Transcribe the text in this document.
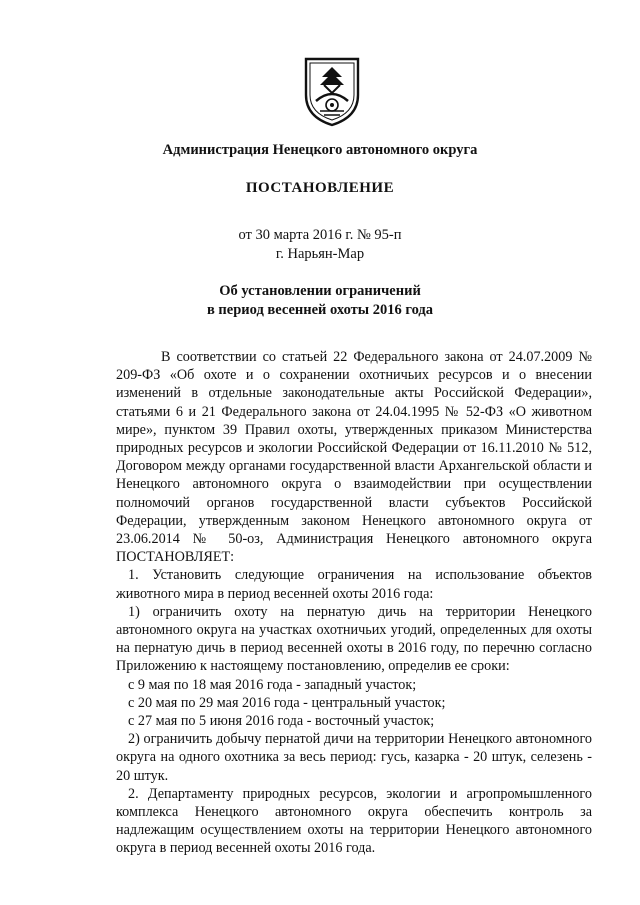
Администрация Ненецкого автономного округа
ПОСТАНОВЛЕНИЕ
от 30 марта 2016 г. № 95-п
г. Нарьян-Мар
Об установлении ограничений
в период весенней охоты 2016 года

В соответствии со статьей 22 Федерального закона от 24.07.2009 № 209-ФЗ «Об охоте и о сохранении охотничьих ресурсов и о внесении изменений в отдельные законодательные акты Российской Федерации», статьями 6 и 21 Федерального закона от 24.04.1995 № 52-ФЗ «О животном мире», пунктом 39 Правил охоты, утвержденных приказом Министерства природных ресурсов и экологии Российской Федерации от 16.11.2010 № 512, Договором между органами государственной власти Архангельской области и Ненецкого автономного округа о взаимодействии при осуществлении полномочий органов государственной власти субъектов Российской Федерации, утвержденным законом Ненецкого автономного округа от 23.06.2014 № 50-оз, Администрация Ненецкого автономного округа ПОСТАНОВЛЯЕТ:

1. Установить следующие ограничения на использование объектов животного мира в период весенней охоты 2016 года:

1) ограничить охоту на пернатую дичь на территории Ненецкого автономного округа на участках охотничьих угодий, определенных для охоты на пернатую дичь в период весенней охоты в 2016 году, по перечню согласно Приложению к настоящему постановлению, определив ее сроки:

с 9 мая по 18 мая 2016 года - западный участок;

с 20 мая по 29 мая 2016 года - центральный участок;

с 27 мая по 5 июня 2016 года - восточный участок;

2) ограничить добычу пернатой дичи на территории Ненецкого автономного округа на одного охотника за весь период: гусь, казарка - 20 штук, селезень - 20 штук.

2. Департаменту природных ресурсов, экологии и агропромышленного комплекса Ненецкого автономного округа обеспечить контроль за надлежащим осуществлением охоты на территории Ненецкого автономного округа в период весенней охоты 2016 года.
